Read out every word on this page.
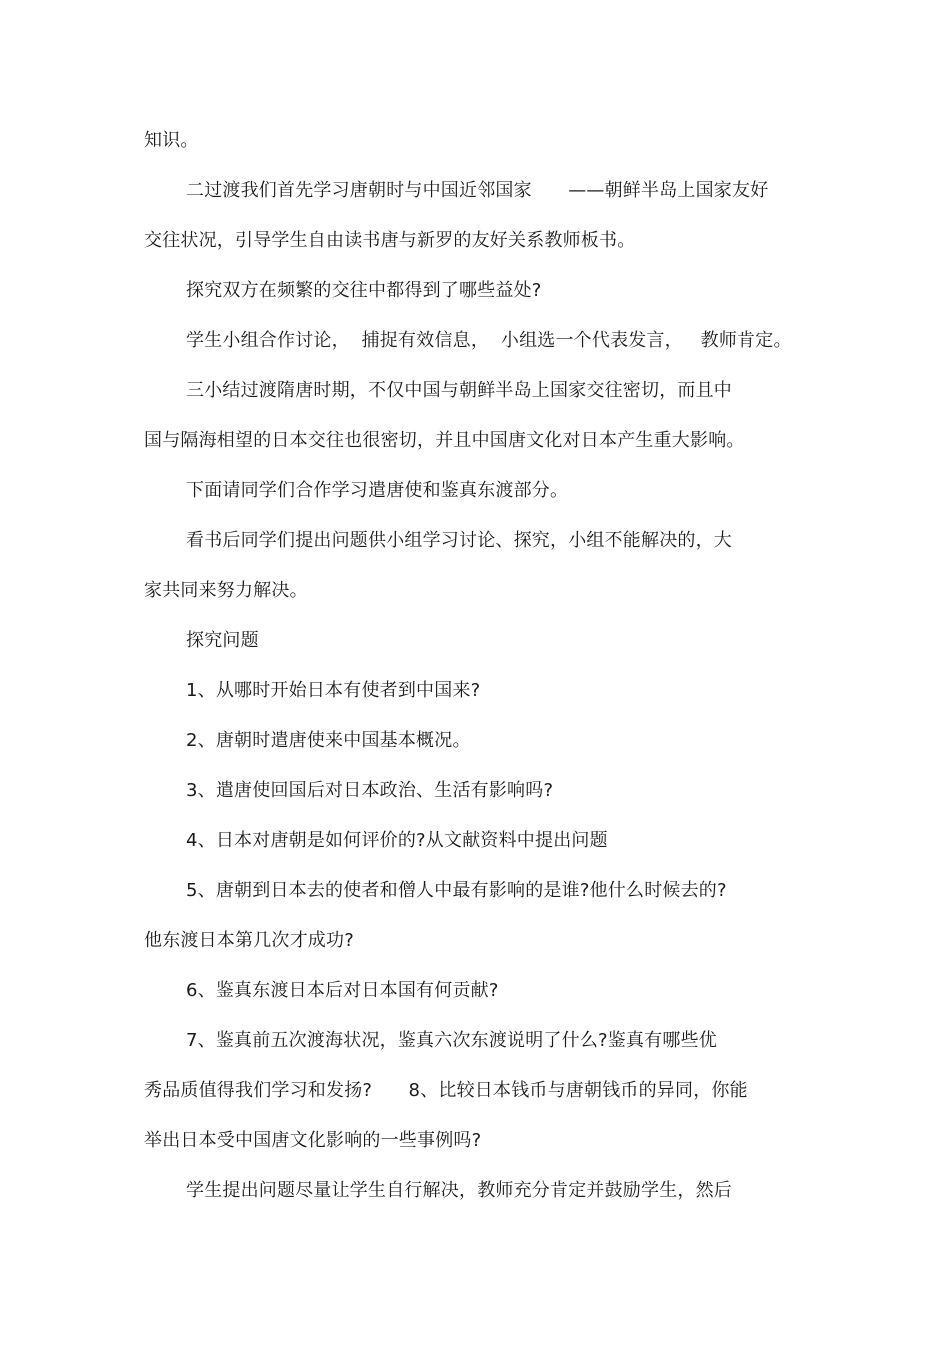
知识。
二过渡我们首先学习唐朝时与中国近邻国家　　——朝鲜半岛上国家友好
交往状况，引导学生自由读书唐与新罗的友好关系教师板书。
探究双方在频繁的交往中都得到了哪些益处?
学生小组合作讨论，  捕捉有效信息，  小组选一个代表发言，   教师肯定。
三小结过渡隋唐时期，不仅中国与朝鲜半岛上国家交往密切，而且中
国与隔海相望的日本交往也很密切，并且中国唐文化对日本产生重大影响。
下面请同学们合作学习遣唐使和鉴真东渡部分。
看书后同学们提出问题供小组学习讨论、探究，小组不能解决的，大
家共同来努力解决。
探究问题
1、从哪时开始日本有使者到中国来?
2、唐朝时遣唐使来中国基本概况。
3、遣唐使回国后对日本政治、生活有影响吗?
4、日本对唐朝是如何评价的?从文献资料中提出问题
5、唐朝到日本去的使者和僧人中最有影响的是谁?他什么时候去的?
他东渡日本第几次才成功?
6、鉴真东渡日本后对日本国有何贡献?
7、鉴真前五次渡海状况，鉴真六次东渡说明了什么?鉴真有哪些优
秀品质值得我们学习和发扬?　　8、比较日本钱币与唐朝钱币的异同，你能
举出日本受中国唐文化影响的一些事例吗?
学生提出问题尽量让学生自行解决，教师充分肯定并鼓励学生，然后
